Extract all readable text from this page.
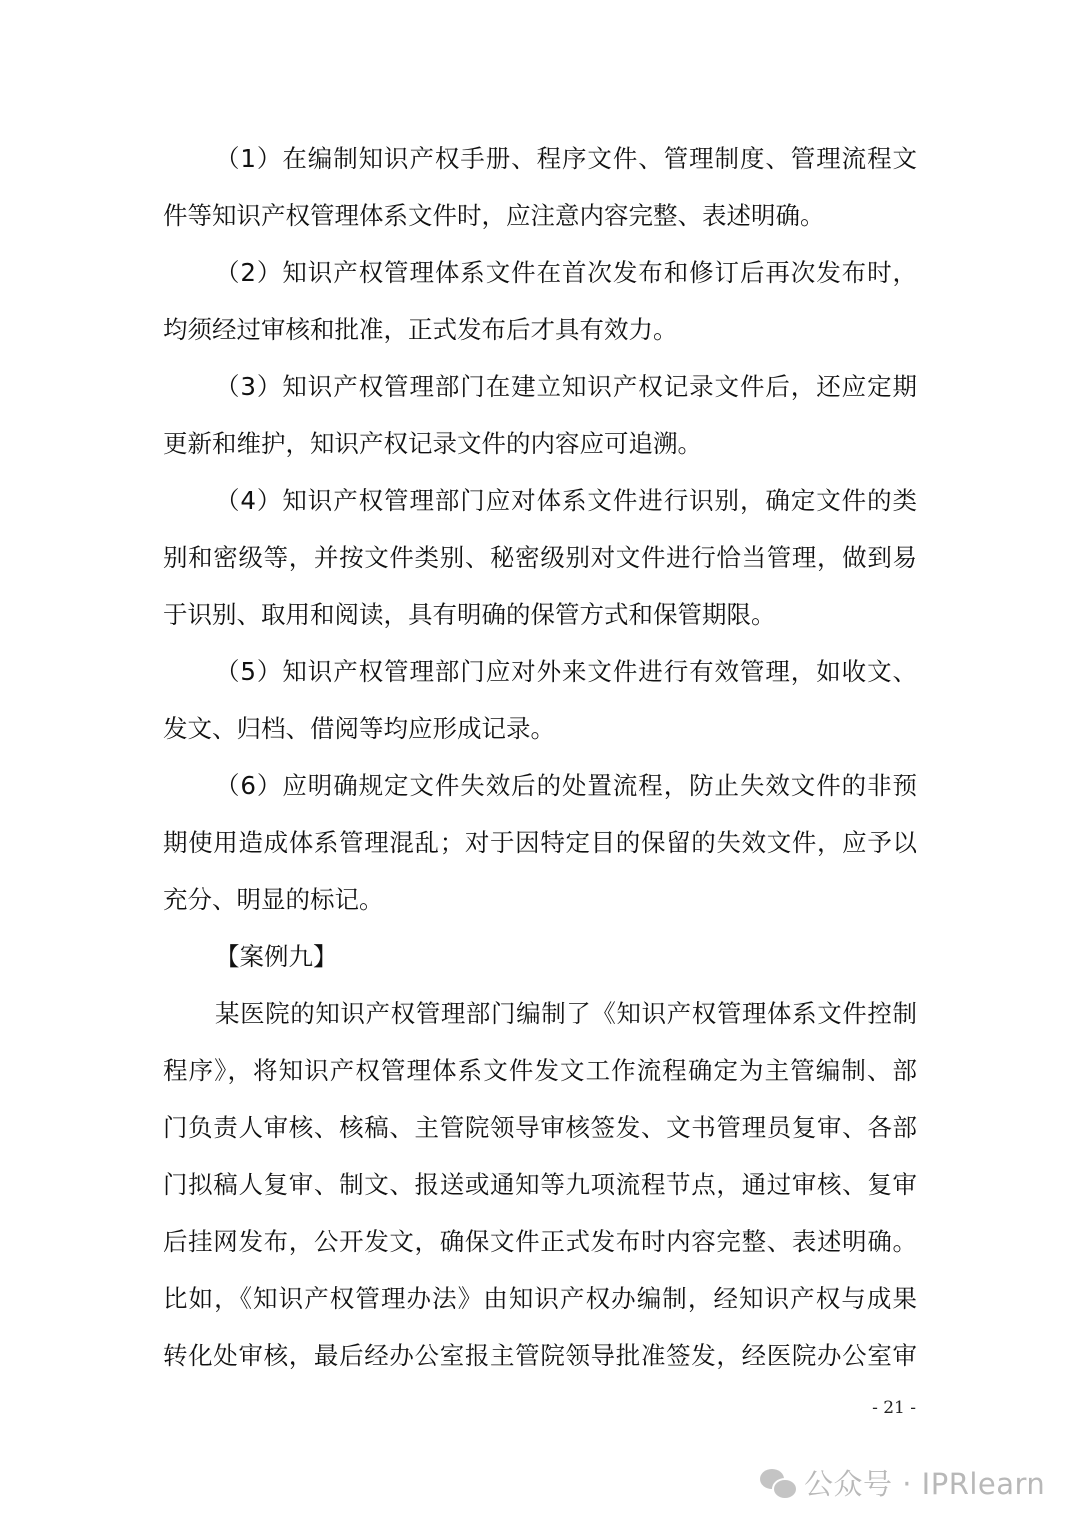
（1）在编制知识产权手册、程序文件、管理制度、管理流程文
件等知识产权管理体系文件时，应注意内容完整、表述明确。
（2）知识产权管理体系文件在首次发布和修订后再次发布时，
均须经过审核和批准，正式发布后才具有效力。
（3）知识产权管理部门在建立知识产权记录文件后，还应定期
更新和维护，知识产权记录文件的内容应可追溯。
（4）知识产权管理部门应对体系文件进行识别，确定文件的类
别和密级等，并按文件类别、秘密级别对文件进行恰当管理，做到易
于识别、取用和阅读，具有明确的保管方式和保管期限。
（5）知识产权管理部门应对外来文件进行有效管理，如收文、
发文、归档、借阅等均应形成记录。
（6）应明确规定文件失效后的处置流程，防止失效文件的非预
期使用造成体系管理混乱；对于因特定目的保留的失效文件，应予以
充分、明显的标记。
【案例九】
某医院的知识产权管理部门编制了《知识产权管理体系文件控制
程序》，将知识产权管理体系文件发文工作流程确定为主管编制、部
门负责人审核、核稿、主管院领导审核签发、文书管理员复审、各部
门拟稿人复审、制文、报送或通知等九项流程节点，通过审核、复审
后挂网发布，公开发文，确保文件正式发布时内容完整、表述明确。
比如，《知识产权管理办法》由知识产权办编制，经知识产权与成果
转化处审核，最后经办公室报主管院领导批准签发，经医院办公室审
- 21 -
公众号 · IPRlearn
